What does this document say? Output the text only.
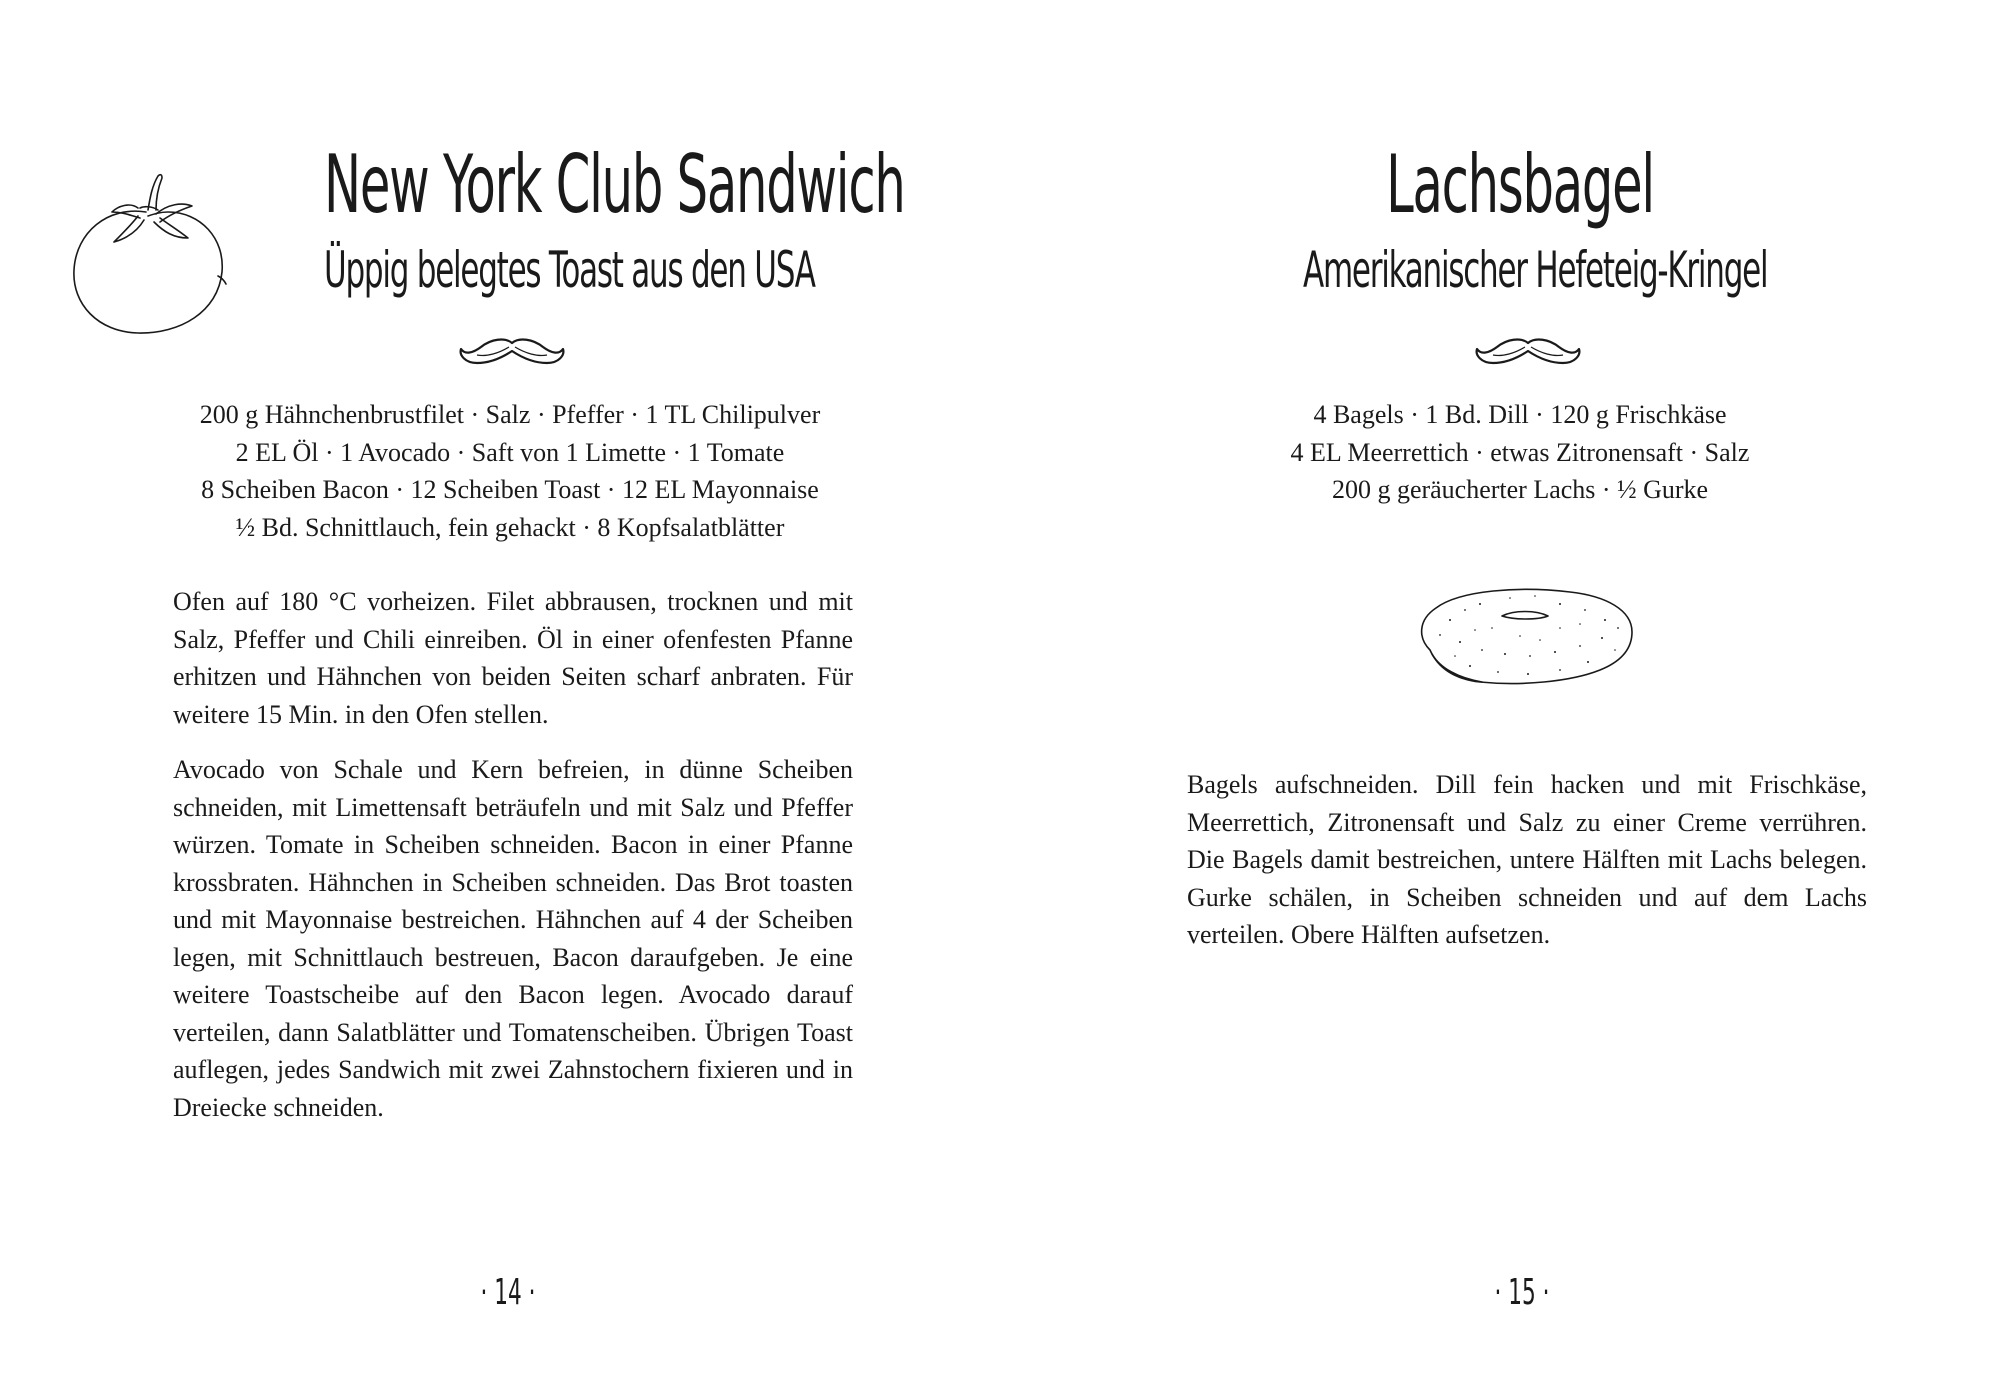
New York Club Sandwich
Üppig belegtes Toast aus den USA
200 g Hähnchenbrustfilet · Salz · Pfeffer · 1 TL Chilipulver
2 EL Öl · 1 Avocado · Saft von 1 Limette · 1 Tomate
8 Scheiben Bacon · 12 Scheiben Toast · 12 EL Mayonnaise
½ Bd. Schnittlauch, fein gehackt · 8 Kopfsalatblätter

Ofen auf 180 °C vorheizen. Filet abbrausen, trocknen und mit Salz, Pfeffer und Chili einreiben. Öl in einer ofenfesten Pfanne erhitzen und Hähnchen von beiden Seiten scharf anbraten. Für weitere 15 Min. in den Ofen stellen.

Avocado von Schale und Kern befreien, in dünne Scheiben schneiden, mit Limettensaft beträufeln und mit Salz und Pfeffer würzen. Tomate in Scheiben schneiden. Bacon in einer Pfanne krossbraten. Hähnchen in Scheiben schneiden. Das Brot toasten und mit Mayonnaise bestreichen. Hähnchen auf 4 der Scheiben legen, mit Schnittlauch bestreuen, Bacon daraufgeben. Je eine weitere Toastscheibe auf den Bacon legen. Avocado darauf verteilen, dann Salatblätter und Tomatenscheiben. Übrigen Toast auflegen, jedes Sandwich mit zwei Zahnstochern fixieren und in Dreiecke schneiden.

· 14 ·
Lachsbagel
Amerikanischer Hefeteig-Kringel
4 Bagels · 1 Bd. Dill · 120 g Frischkäse
4 EL Meerrettich · etwas Zitronensaft · Salz
200 g geräucherter Lachs · ½ Gurke

Bagels aufschneiden. Dill fein hacken und mit Frischkäse, Meerrettich, Zitronensaft und Salz zu einer Creme verrühren. Die Bagels damit bestreichen, untere Hälften mit Lachs belegen. Gurke schälen, in Scheiben schneiden und auf dem Lachs verteilen. Obere Hälften aufsetzen.

· 15 ·
